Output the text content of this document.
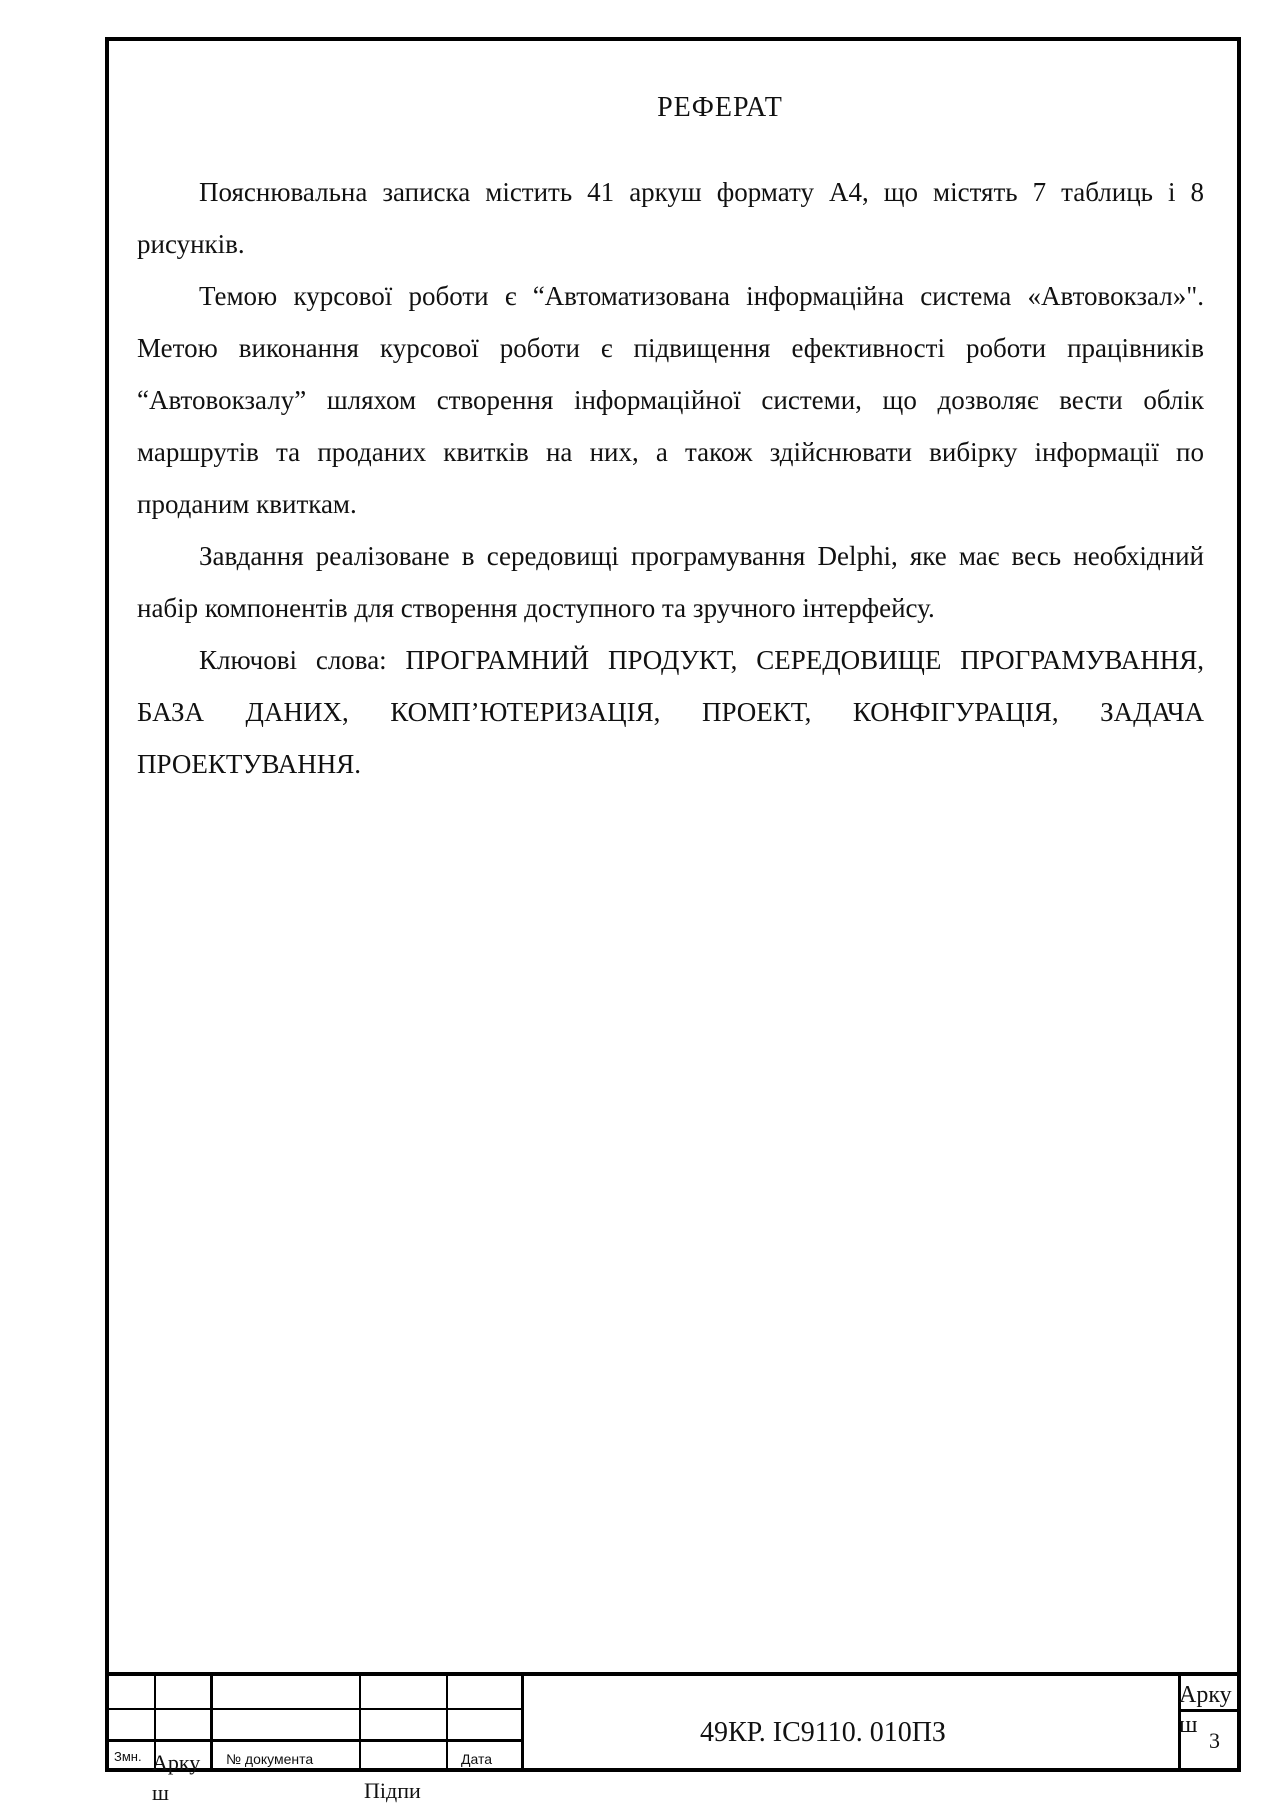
РЕФЕРАТ

Пояснювальна записка містить 41 аркуш формату А4, що містять 7 таблиць і 8 рисунків.

Темою курсової роботи є “Автоматизована інформаційна система «Автовокзал»". Метою виконання курсової роботи є підвищення ефективності роботи працівників “Автовокзалу” шляхом створення інформаційної системи, що дозволяє вести облік маршрутів та проданих квитків на них, а також здійснювати вибірку інформації по проданим квиткам.

Завдання реалізоване в середовищі програмування Delphi, яке має весь необхідний набір компонентів для створення доступного та зручного інтерфейсу.

Ключові слова: ПРОГРАМНИЙ ПРОДУКТ, СЕРЕДОВИЩЕ ПРОГРАМУВАННЯ, БАЗА ДАНИХ, КОМП’ЮТЕРИЗАЦІЯ, ПРОЕКТ, КОНФІГУРАЦІЯ, ЗАДАЧА ПРОЕКТУВАННЯ.

Змн. Арку ш
№ документа
Підпи
Дата
49КР. ІС9110. 010ПЗ
Арку ш
3
